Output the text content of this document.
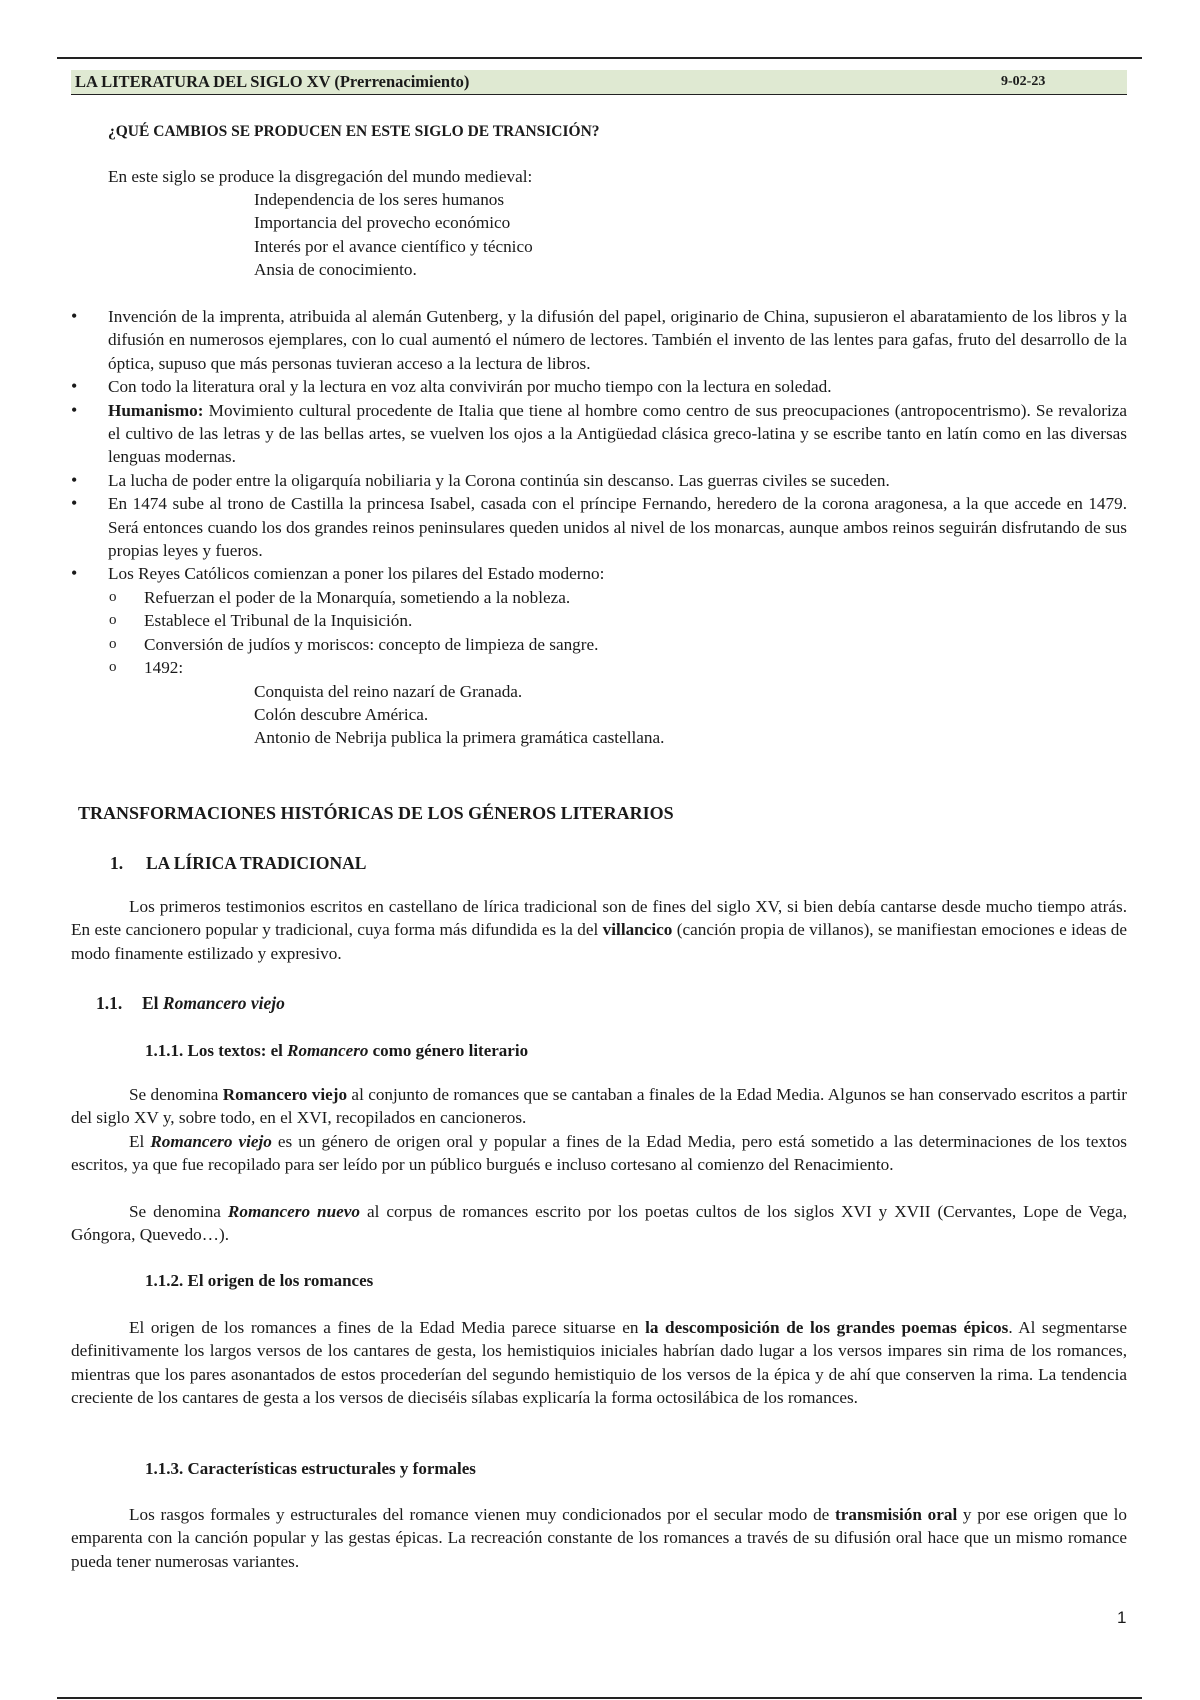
LA LITERATURA DEL SIGLO XV (Prerrenacimiento)	9-02-23
¿QUÉ CAMBIOS SE PRODUCEN EN ESTE SIGLO DE TRANSICIÓN?
En este siglo se produce la disgregación del mundo medieval:
Independencia de los seres humanos
Importancia del provecho económico
Interés por el avance científico y técnico
Ansia de conocimiento.
• Invención de la imprenta, atribuida al alemán Gutenberg, y la difusión del papel, originario de China, supusieron el abaratamiento de los libros y la difusión en numerosos ejemplares, con lo cual aumentó el número de lectores. También el invento de las lentes para gafas, fruto del desarrollo de la óptica, supuso que más personas tuvieran acceso a la lectura de libros.
• Con todo la literatura oral y la lectura en voz alta convivirán por mucho tiempo con la lectura en soledad.
• Humanismo: Movimiento cultural procedente de Italia que tiene al hombre como centro de sus preocupaciones (antropocentrismo). Se revaloriza el cultivo de las letras y de las bellas artes, se vuelven los ojos a la Antigüedad clásica greco-latina y se escribe tanto en latín como en las diversas lenguas modernas.
• La lucha de poder entre la oligarquía nobiliaria y la Corona continúa sin descanso. Las guerras civiles se suceden.
• En 1474 sube al trono de Castilla la princesa Isabel, casada con el príncipe Fernando, heredero de la corona aragonesa, a la que accede en 1479. Será entonces cuando los dos grandes reinos peninsulares queden unidos al nivel de los monarcas, aunque ambos reinos seguirán disfrutando de sus propias leyes y fueros.
• Los Reyes Católicos comienzan a poner los pilares del Estado moderno:
o Refuerzan el poder de la Monarquía, sometiendo a la nobleza.
o Establece el Tribunal de la Inquisición.
o Conversión de judíos y moriscos: concepto de limpieza de sangre.
o 1492:
Conquista del reino nazarí de Granada.
Colón descubre América.
Antonio de Nebrija publica la primera gramática castellana.
TRANSFORMACIONES HISTÓRICAS DE LOS GÉNEROS LITERARIOS
1. LA LÍRICA TRADICIONAL

Los primeros testimonios escritos en castellano de lírica tradicional son de fines del siglo XV, si bien debía cantarse desde mucho tiempo atrás. En este cancionero popular y tradicional, cuya forma más difundida es la del villancico (canción propia de villanos), se manifiestan emociones e ideas de modo finamente estilizado y expresivo.

1.1. El Romancero viejo
1.1.1. Los textos: el Romancero como género literario

Se denomina Romancero viejo al conjunto de romances que se cantaban a finales de la Edad Media. Algunos se han conservado escritos a partir del siglo XV y, sobre todo, en el XVI, recopilados en cancioneros.

El Romancero viejo es un género de origen oral y popular a fines de la Edad Media, pero está sometido a las determinaciones de los textos escritos, ya que fue recopilado para ser leído por un público burgués e incluso cortesano al comienzo del Renacimiento.

Se denomina Romancero nuevo al corpus de romances escrito por los poetas cultos de los siglos XVI y XVII (Cervantes, Lope de Vega, Góngora, Quevedo…).

1.1.2. El origen de los romances

El origen de los romances a fines de la Edad Media parece situarse en la descomposición de los grandes poemas épicos. Al segmentarse definitivamente los largos versos de los cantares de gesta, los hemistiquios iniciales habrían dado lugar a los versos impares sin rima de los romances, mientras que los pares asonantados de estos procederían del segundo hemistiquio de los versos de la épica y de ahí que conserven la rima. La tendencia creciente de los cantares de gesta a los versos de dieciséis sílabas explicaría la forma octosilábica de los romances.

1.1.3. Características estructurales y formales

Los rasgos formales y estructurales del romance vienen muy condicionados por el secular modo de transmisión oral y por ese origen que lo emparenta con la canción popular y las gestas épicas. La recreación constante de los romances a través de su difusión oral hace que un mismo romance pueda tener numerosas variantes.

1
